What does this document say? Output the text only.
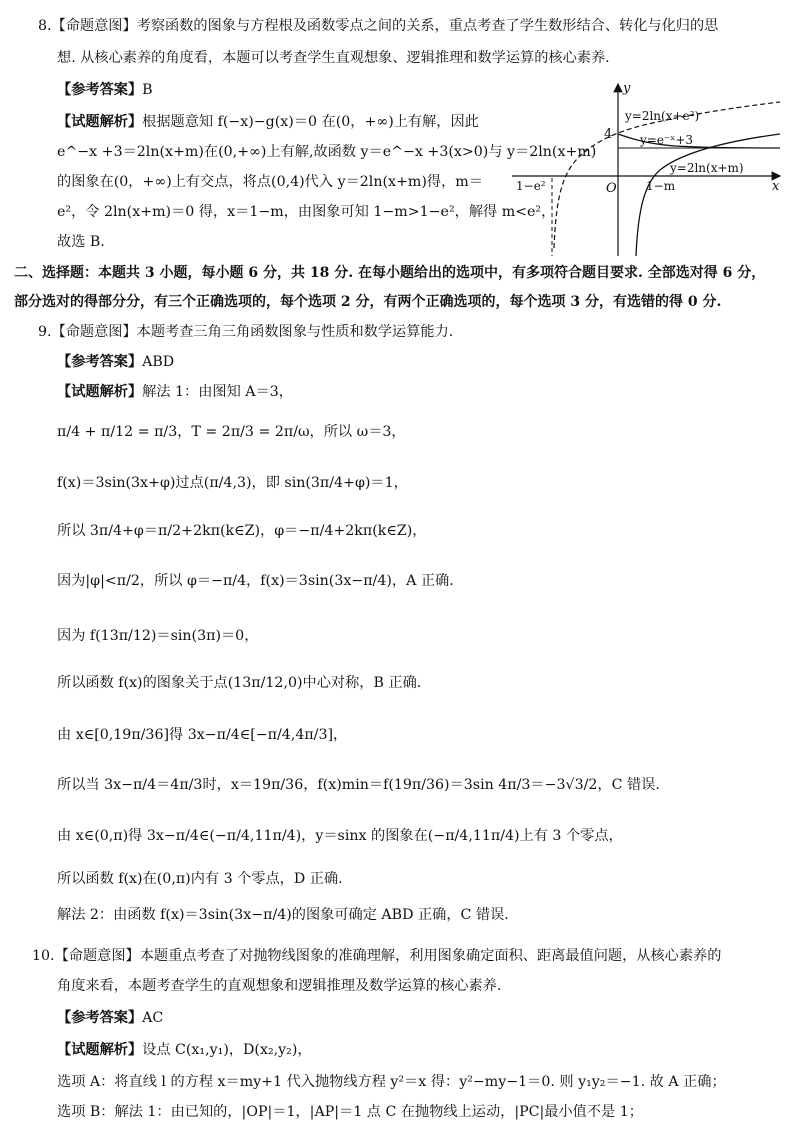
8.【命题意图】考察函数的图象与方程根及函数零点之间的关系，重点考查了学生数形结合、转化与化归的思
想. 从核心素养的角度看，本题可以考查学生直观想象、逻辑推理和数学运算的核心素养.
【参考答案】B
【试题解析】根据题意知 f(−x)−g(x)＝0 在(0，+∞)上有解，因此
e^−x +3＝2ln(x+m)在(0,+∞)上有解,故函数 y＝e^−x +3(x>0)与 y＝2ln(x+m)
的图象在(0，+∞)上有交点，将点(0,4)代入 y＝2ln(x+m)得，m＝
e²，令 2ln(x+m)＝0 得，x＝1−m，由图象可知 1−m>1−e²，解得 m<e²，
故选 B.
y
x
O
4
y=2ln(x+e²)
y=e⁻ˣ+3
y=2ln(x+m)
1−e²	1−m
二、选择题：本题共 3 小题，每小题 6 分，共 18 分. 在每小题给出的选项中，有多项符合题目要求. 全部选对得 6 分，
部分选对的得部分分，有三个正确选项的，每个选项 2 分，有两个正确选项的，每个选项 3 分，有选错的得 0 分.
9.【命题意图】本题考查三角三角函数图象与性质和数学运算能力.
【参考答案】ABD
【试题解析】解法 1：由图知 A＝3，
π/4 + π/12 = π/3，T = 2π/3 = 2π/ω，所以 ω＝3，
f(x)＝3sin(3x+φ)过点(π/4,3)，即 sin(3π/4+φ)＝1，
所以 3π/4+φ＝π/2+2kπ(k∈Z)，φ＝−π/4+2kπ(k∈Z)，
因为|φ|<π/2，所以 φ＝−π/4，f(x)＝3sin(3x−π/4)，A 正确.
因为 f(13π/12)＝sin(3π)＝0，
所以函数 f(x)的图象关于点(13π/12,0)中心对称，B 正确.
由 x∈[0,19π/36]得 3x−π/4∈[−π/4,4π/3]，
所以当 3x−π/4＝4π/3时，x＝19π/36，f(x)min＝f(19π/36)＝3sin 4π/3＝−3√3/2，C 错误.
由 x∈(0,π)得 3x−π/4∈(−π/4,11π/4)，y＝sinx 的图象在(−π/4,11π/4)上有 3 个零点，
所以函数 f(x)在(0,π)内有 3 个零点，D 正确.
解法 2：由函数 f(x)＝3sin(3x−π/4)的图象可确定 ABD 正确，C 错误.
10.【命题意图】本题重点考查了对抛物线图象的准确理解，利用图象确定面积、距离最值问题，从核心素养的
角度来看，本题考查学生的直观想象和逻辑推理及数学运算的核心素养.
【参考答案】AC
【试题解析】设点 C(x₁,y₁)，D(x₂,y₂)，
选项 A：将直线 l 的方程 x＝my+1 代入抛物线方程 y²＝x 得：y²−my−1＝0. 则 y₁y₂＝−1. 故 A 正确；
选项 B：解法 1：由已知的，|OP|＝1，|AP|＝1 点 C 在抛物线上运动，|PC|最小值不是 1；
